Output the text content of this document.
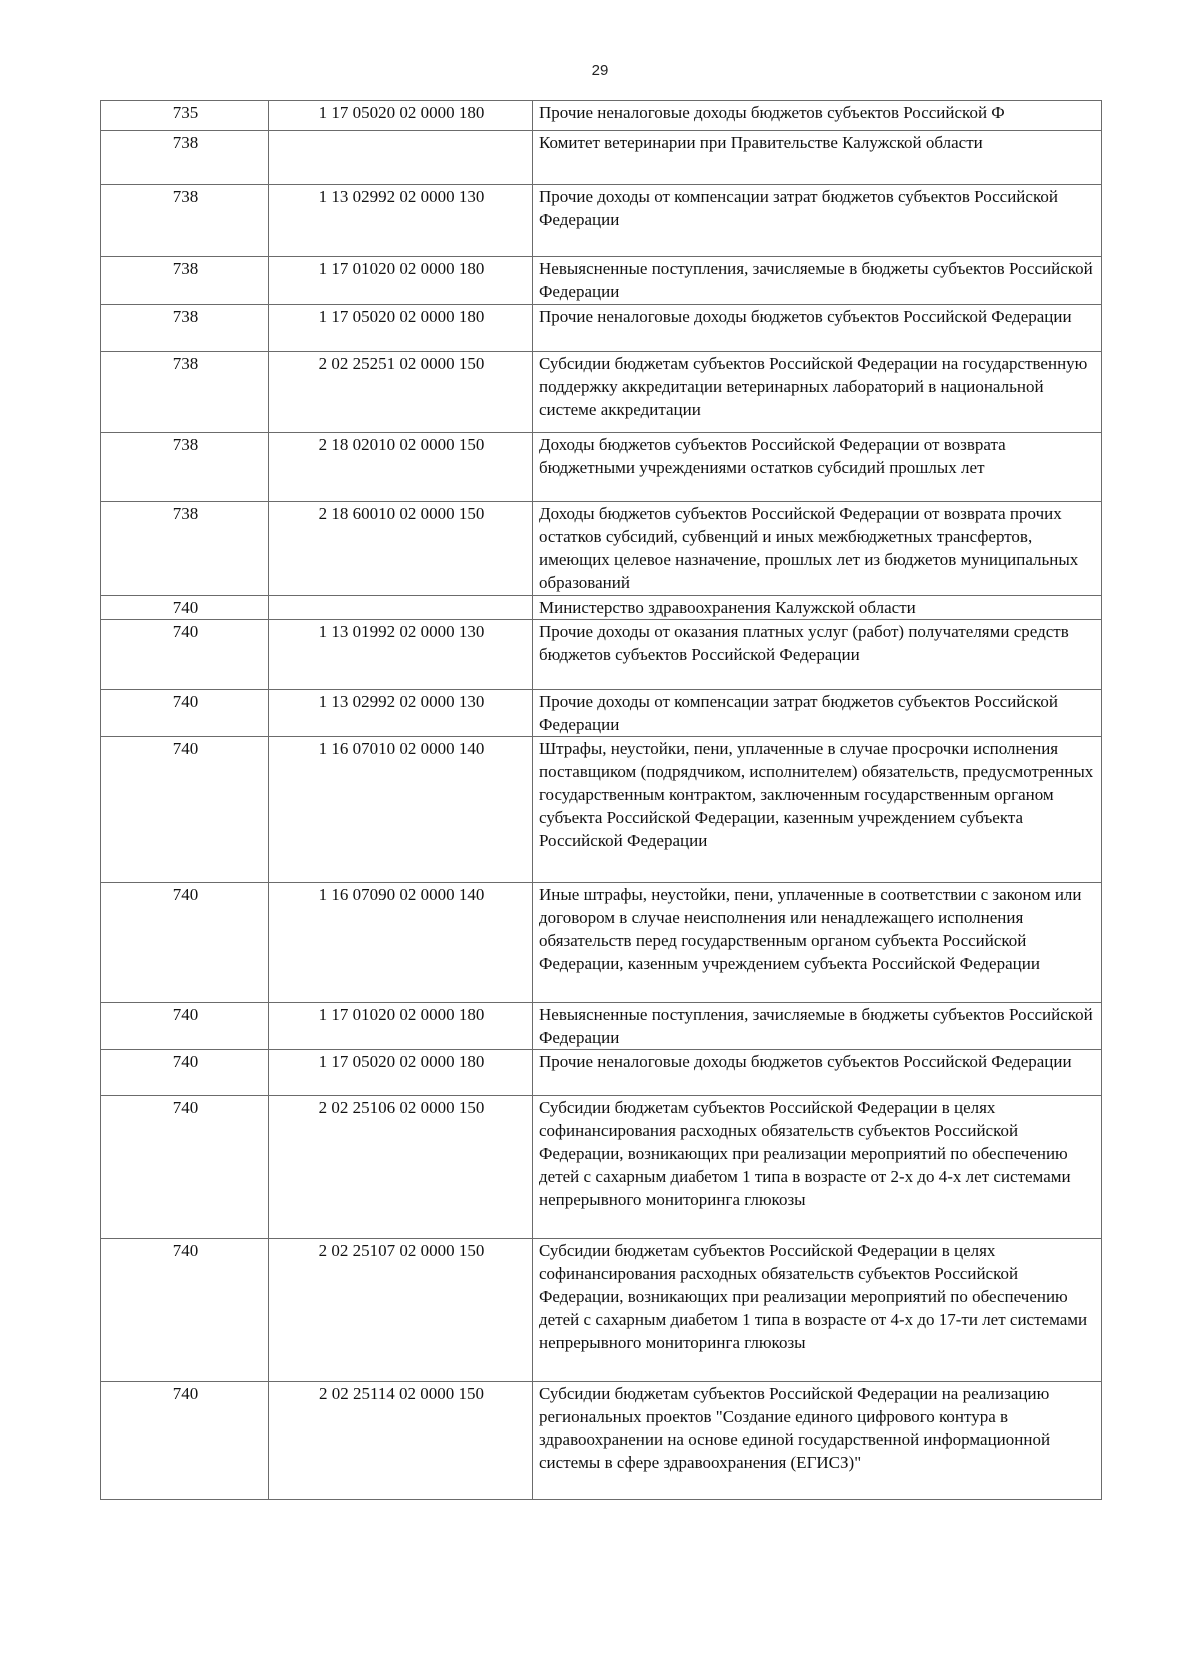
29
735	1 17 05020 02 0000 180	Прочие неналоговые доходы бюджетов субъектов Российской Ф
738		Комитет ветеринарии при Правительстве Калужской области
738	1 13 02992 02 0000 130	Прочие доходы от компенсации затрат бюджетов субъектов Российской Федерации
738	1 17 01020 02 0000 180	Невыясненные поступления, зачисляемые в бюджеты субъектов Российской Федерации
738	1 17 05020 02 0000 180	Прочие неналоговые доходы бюджетов субъектов Российской Федерации
738	2 02 25251 02 0000 150	Субсидии бюджетам субъектов Российской Федерации на государственную поддержку аккредитации ветеринарных лабораторий в национальной системе аккредитации
738	2 18 02010 02 0000 150	Доходы бюджетов субъектов Российской Федерации от возврата бюджетными учреждениями остатков субсидий прошлых лет
738	2 18 60010 02 0000 150	Доходы бюджетов субъектов Российской Федерации от возврата прочих остатков субсидий, субвенций и иных межбюджетных трансфертов, имеющих целевое назначение, прошлых лет из бюджетов муниципальных образований
740		Министерство здравоохранения Калужской области
740	1 13 01992 02 0000 130	Прочие доходы от оказания платных услуг (работ) получателями средств бюджетов субъектов Российской Федерации
740	1 13 02992 02 0000 130	Прочие доходы от компенсации затрат бюджетов субъектов Российской Федерации
740	1 16 07010 02 0000 140	Штрафы, неустойки, пени, уплаченные в случае просрочки исполнения поставщиком (подрядчиком, исполнителем) обязательств, предусмотренных государственным контрактом, заключенным государственным органом субъекта Российской Федерации, казенным учреждением субъекта Российской Федерации
740	1 16 07090 02 0000 140	Иные штрафы, неустойки, пени, уплаченные в соответствии с законом или договором в случае неисполнения или ненадлежащего исполнения обязательств перед государственным органом субъекта Российской Федерации, казенным учреждением субъекта Российской Федерации
740	1 17 01020 02 0000 180	Невыясненные поступления, зачисляемые в бюджеты субъектов Российской Федерации
740	1 17 05020 02 0000 180	Прочие неналоговые доходы бюджетов субъектов Российской Федерации
740	2 02 25106 02 0000 150	Субсидии бюджетам субъектов Российской Федерации в целях софинансирования расходных обязательств субъектов Российской Федерации, возникающих при реализации мероприятий по обеспечению детей с сахарным диабетом 1 типа в возрасте от 2-х до 4-х лет системами непрерывного мониторинга глюкозы
740	2 02 25107 02 0000 150	Субсидии бюджетам субъектов Российской Федерации в целях софинансирования расходных обязательств субъектов Российской Федерации, возникающих при реализации мероприятий по обеспечению детей с сахарным диабетом 1 типа в возрасте от 4-х до 17-ти лет системами непрерывного мониторинга глюкозы
740	2 02 25114 02 0000 150	Субсидии бюджетам субъектов Российской Федерации на реализацию региональных проектов "Создание единого цифрового контура в здравоохранении на основе единой государственной информационной системы в сфере здравоохранения (ЕГИСЗ)"
